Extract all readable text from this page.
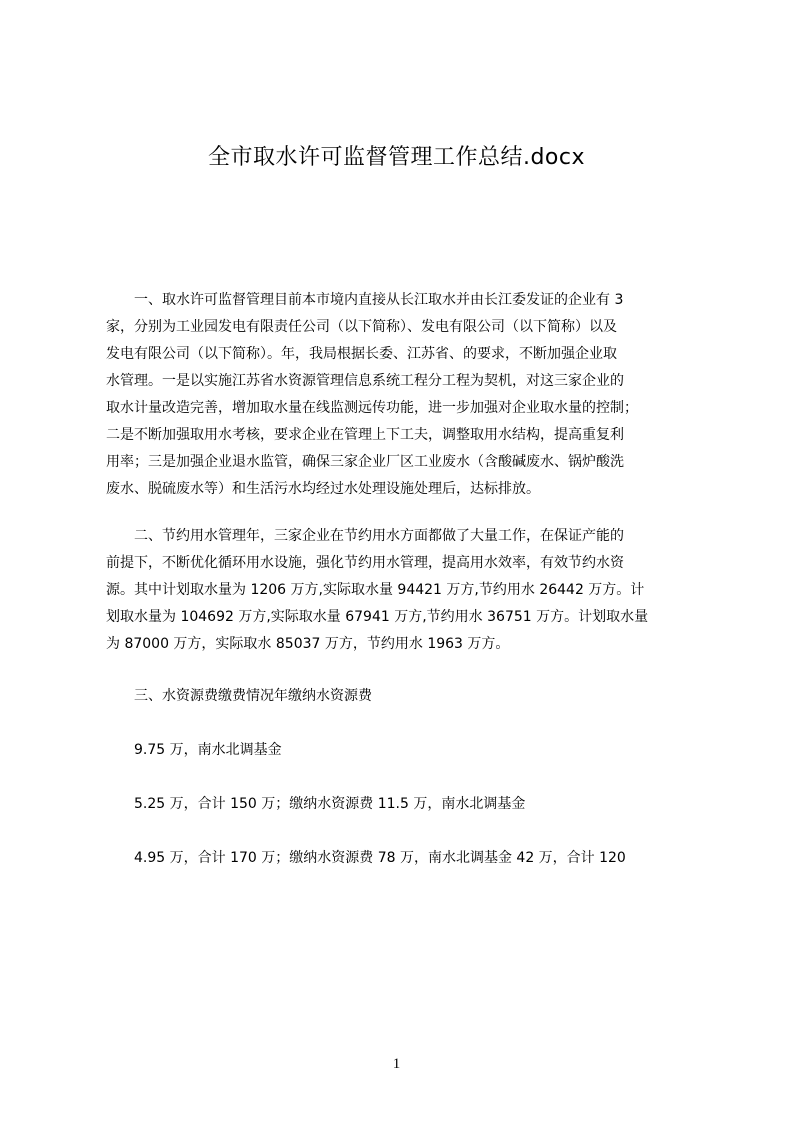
全市取水许可监督管理工作总结.docx

一、取水许可监督管理目前本市境内直接从长江取水并由长江委发证的企业有 3
家，分别为工业园发电有限责任公司（以下简称）、发电有限公司（以下简称）以及
发电有限公司（以下简称）。年，我局根据长委、江苏省、的要求，不断加强企业取
水管理。一是以实施江苏省水资源管理信息系统工程分工程为契机，对这三家企业的
取水计量改造完善，增加取水量在线监测远传功能，进一步加强对企业取水量的控制；
二是不断加强取用水考核，要求企业在管理上下工夫，调整取用水结构，提高重复利
用率；三是加强企业退水监管，确保三家企业厂区工业废水（含酸碱废水、锅炉酸洗
废水、脱硫废水等）和生活污水均经过水处理设施处理后，达标排放。

二、节约用水管理年，三家企业在节约用水方面都做了大量工作，在保证产能的
前提下，不断优化循环用水设施，强化节约用水管理，提高用水效率，有效节约水资
源。其中计划取水量为 1206 万方,实际取水量 94421 万方,节约用水 26442 万方。计
划取水量为 104692 万方,实际取水量 67941 万方,节约用水 36751 万方。计划取水量
为 87000 万方，实际取水 85037 万方，节约用水 1963 万方。

三、水资源费缴费情况年缴纳水资源费

9.75 万，南水北调基金

5.25 万，合计 150 万；缴纳水资源费 11.5 万，南水北调基金

4.95 万，合计 170 万；缴纳水资源费 78 万，南水北调基金 42 万，合计 120

1
